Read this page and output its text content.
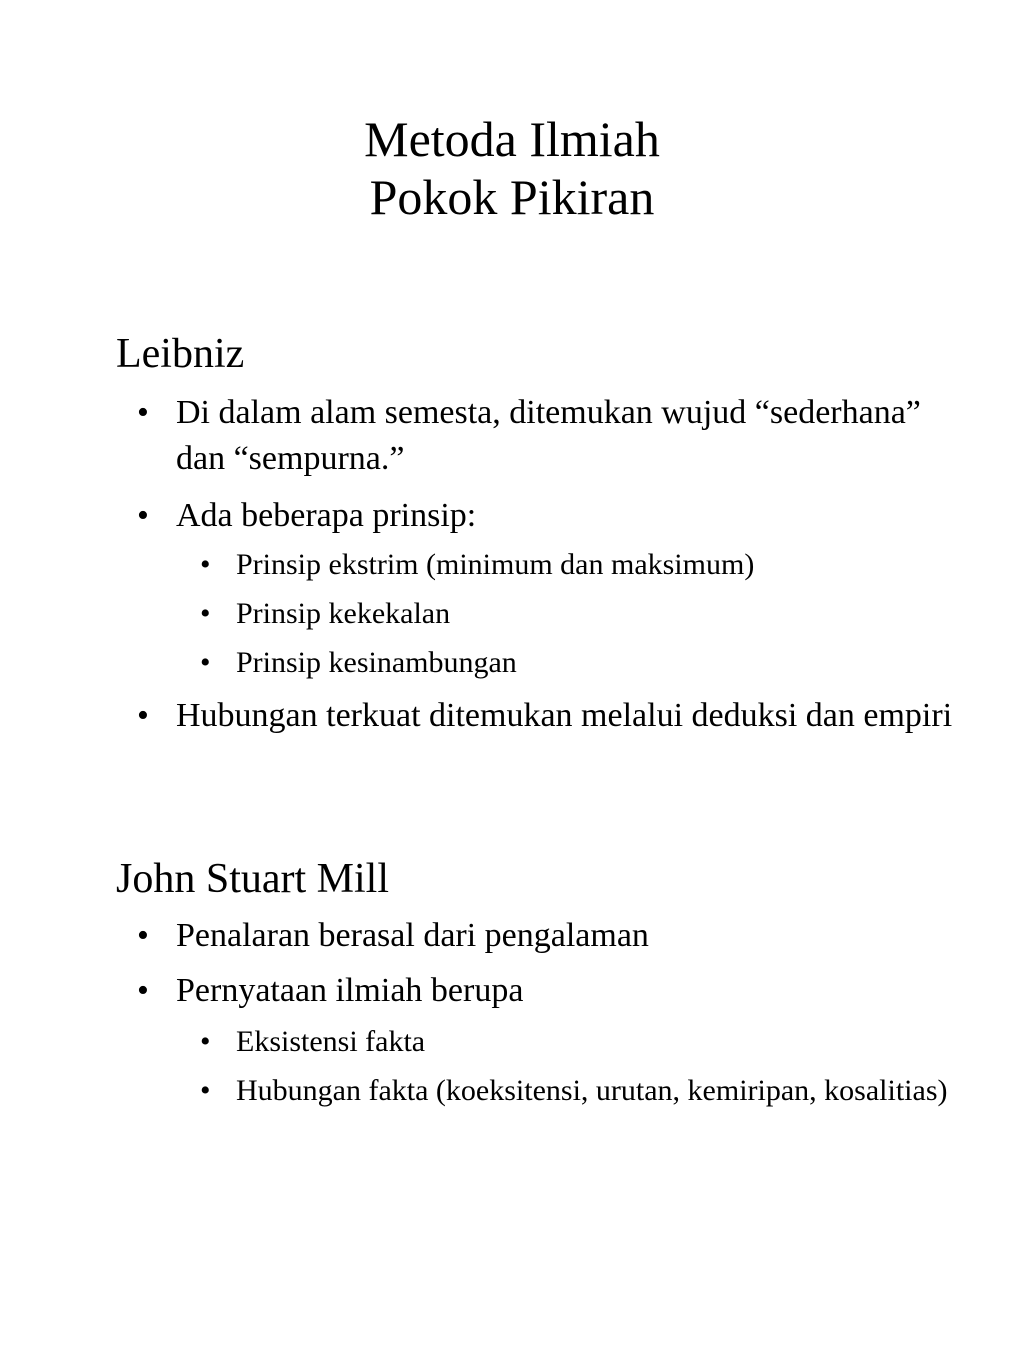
Metoda Ilmiah
Pokok Pikiran
Leibniz
• Di dalam alam semesta, ditemukan wujud “sederhana” dan “sempurna.”
• Ada beberapa prinsip:
• Prinsip ekstrim (minimum dan maksimum)
• Prinsip kekekalan
• Prinsip kesinambungan
• Hubungan terkuat ditemukan melalui deduksi dan empiri
John Stuart Mill
• Penalaran berasal dari pengalaman
• Pernyataan ilmiah berupa
• Eksistensi fakta
• Hubungan fakta (koeksitensi, urutan, kemiripan, kosalitias)
